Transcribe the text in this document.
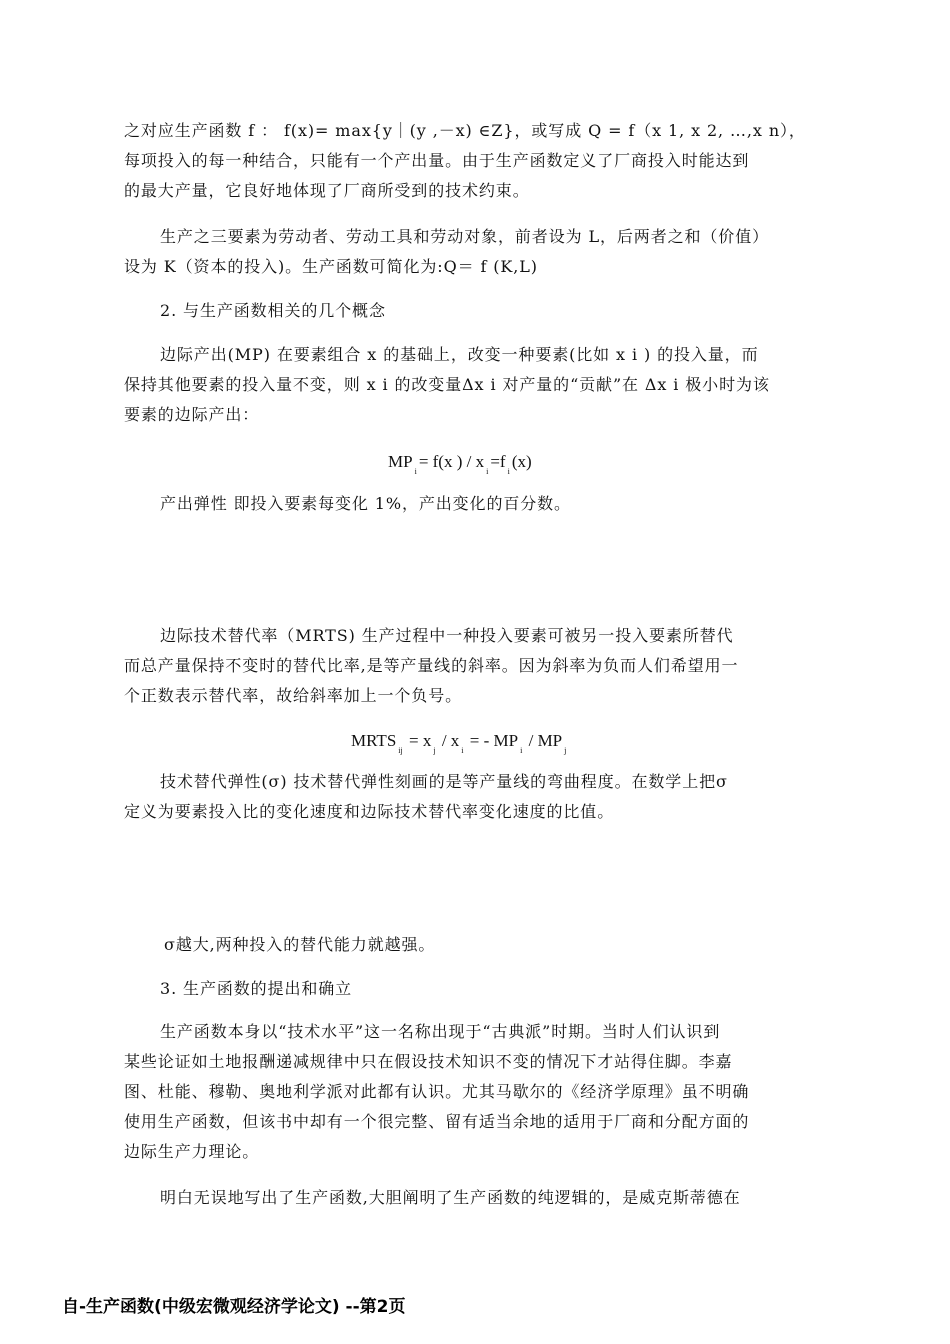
之对应生产函数 f ： f(x)= max{y｜(y ,－x) ∈Z}，或写成 Q = f（x 1, x 2, …,x n），
每项投入的每一种结合，只能有一个产出量。由于生产函数定义了厂商投入时能达到
的最大产量，它良好地体现了厂商所受到的技术约束。
生产之三要素为劳动者、劳动工具和劳动对象，前者设为 L，后两者之和（价值）
设为 K（资本的投入)。生产函数可简化为:Q＝ f (K,L)
2. 与生产函数相关的几个概念
边际产出(MP) 在要素组合 x 的基础上，改变一种要素(比如 x i ) 的投入量，而
保持其他要素的投入量不变，则 x i 的改变量Δx i 对产量的“贡献”在 Δx i 极小时为该
要素的边际产出：
$MP_i= f(x$ ) / $x_i=f_i(x)$
产出弹性 即投入要素每变化 1%，产出变化的百分数。
边际技术替代率（MRTS) 生产过程中一种投入要素可被另一投入要素所替代
而总产量保持不变时的替代比率,是等产量线的斜率。因为斜率为负而人们希望用一
个正数表示替代率，故给斜率加上一个负号。
$MRTS_{ij} = x_j / x_i$ = - $MP_i / MP_j$
技术替代弹性(σ) 技术替代弹性刻画的是等产量线的弯曲程度。在数学上把σ
定义为要素投入比的变化速度和边际技术替代率变化速度的比值。
σ越大,两种投入的替代能力就越强。
3. 生产函数的提出和确立
生产函数本身以“技术水平”这一名称出现于“古典派”时期。当时人们认识到
某些论证如土地报酬递减规律中只在假设技术知识不变的情况下才站得住脚。李嘉
图、杜能、穆勒、奥地利学派对此都有认识。尤其马歇尔的《经济学原理》虽不明确
使用生产函数，但该书中却有一个很完整、留有适当余地的适用于厂商和分配方面的
边际生产力理论。
明白无误地写出了生产函数,大胆阐明了生产函数的纯逻辑的，是威克斯蒂德在
自-生产函数(中级宏微观经济学论文) --第2页
